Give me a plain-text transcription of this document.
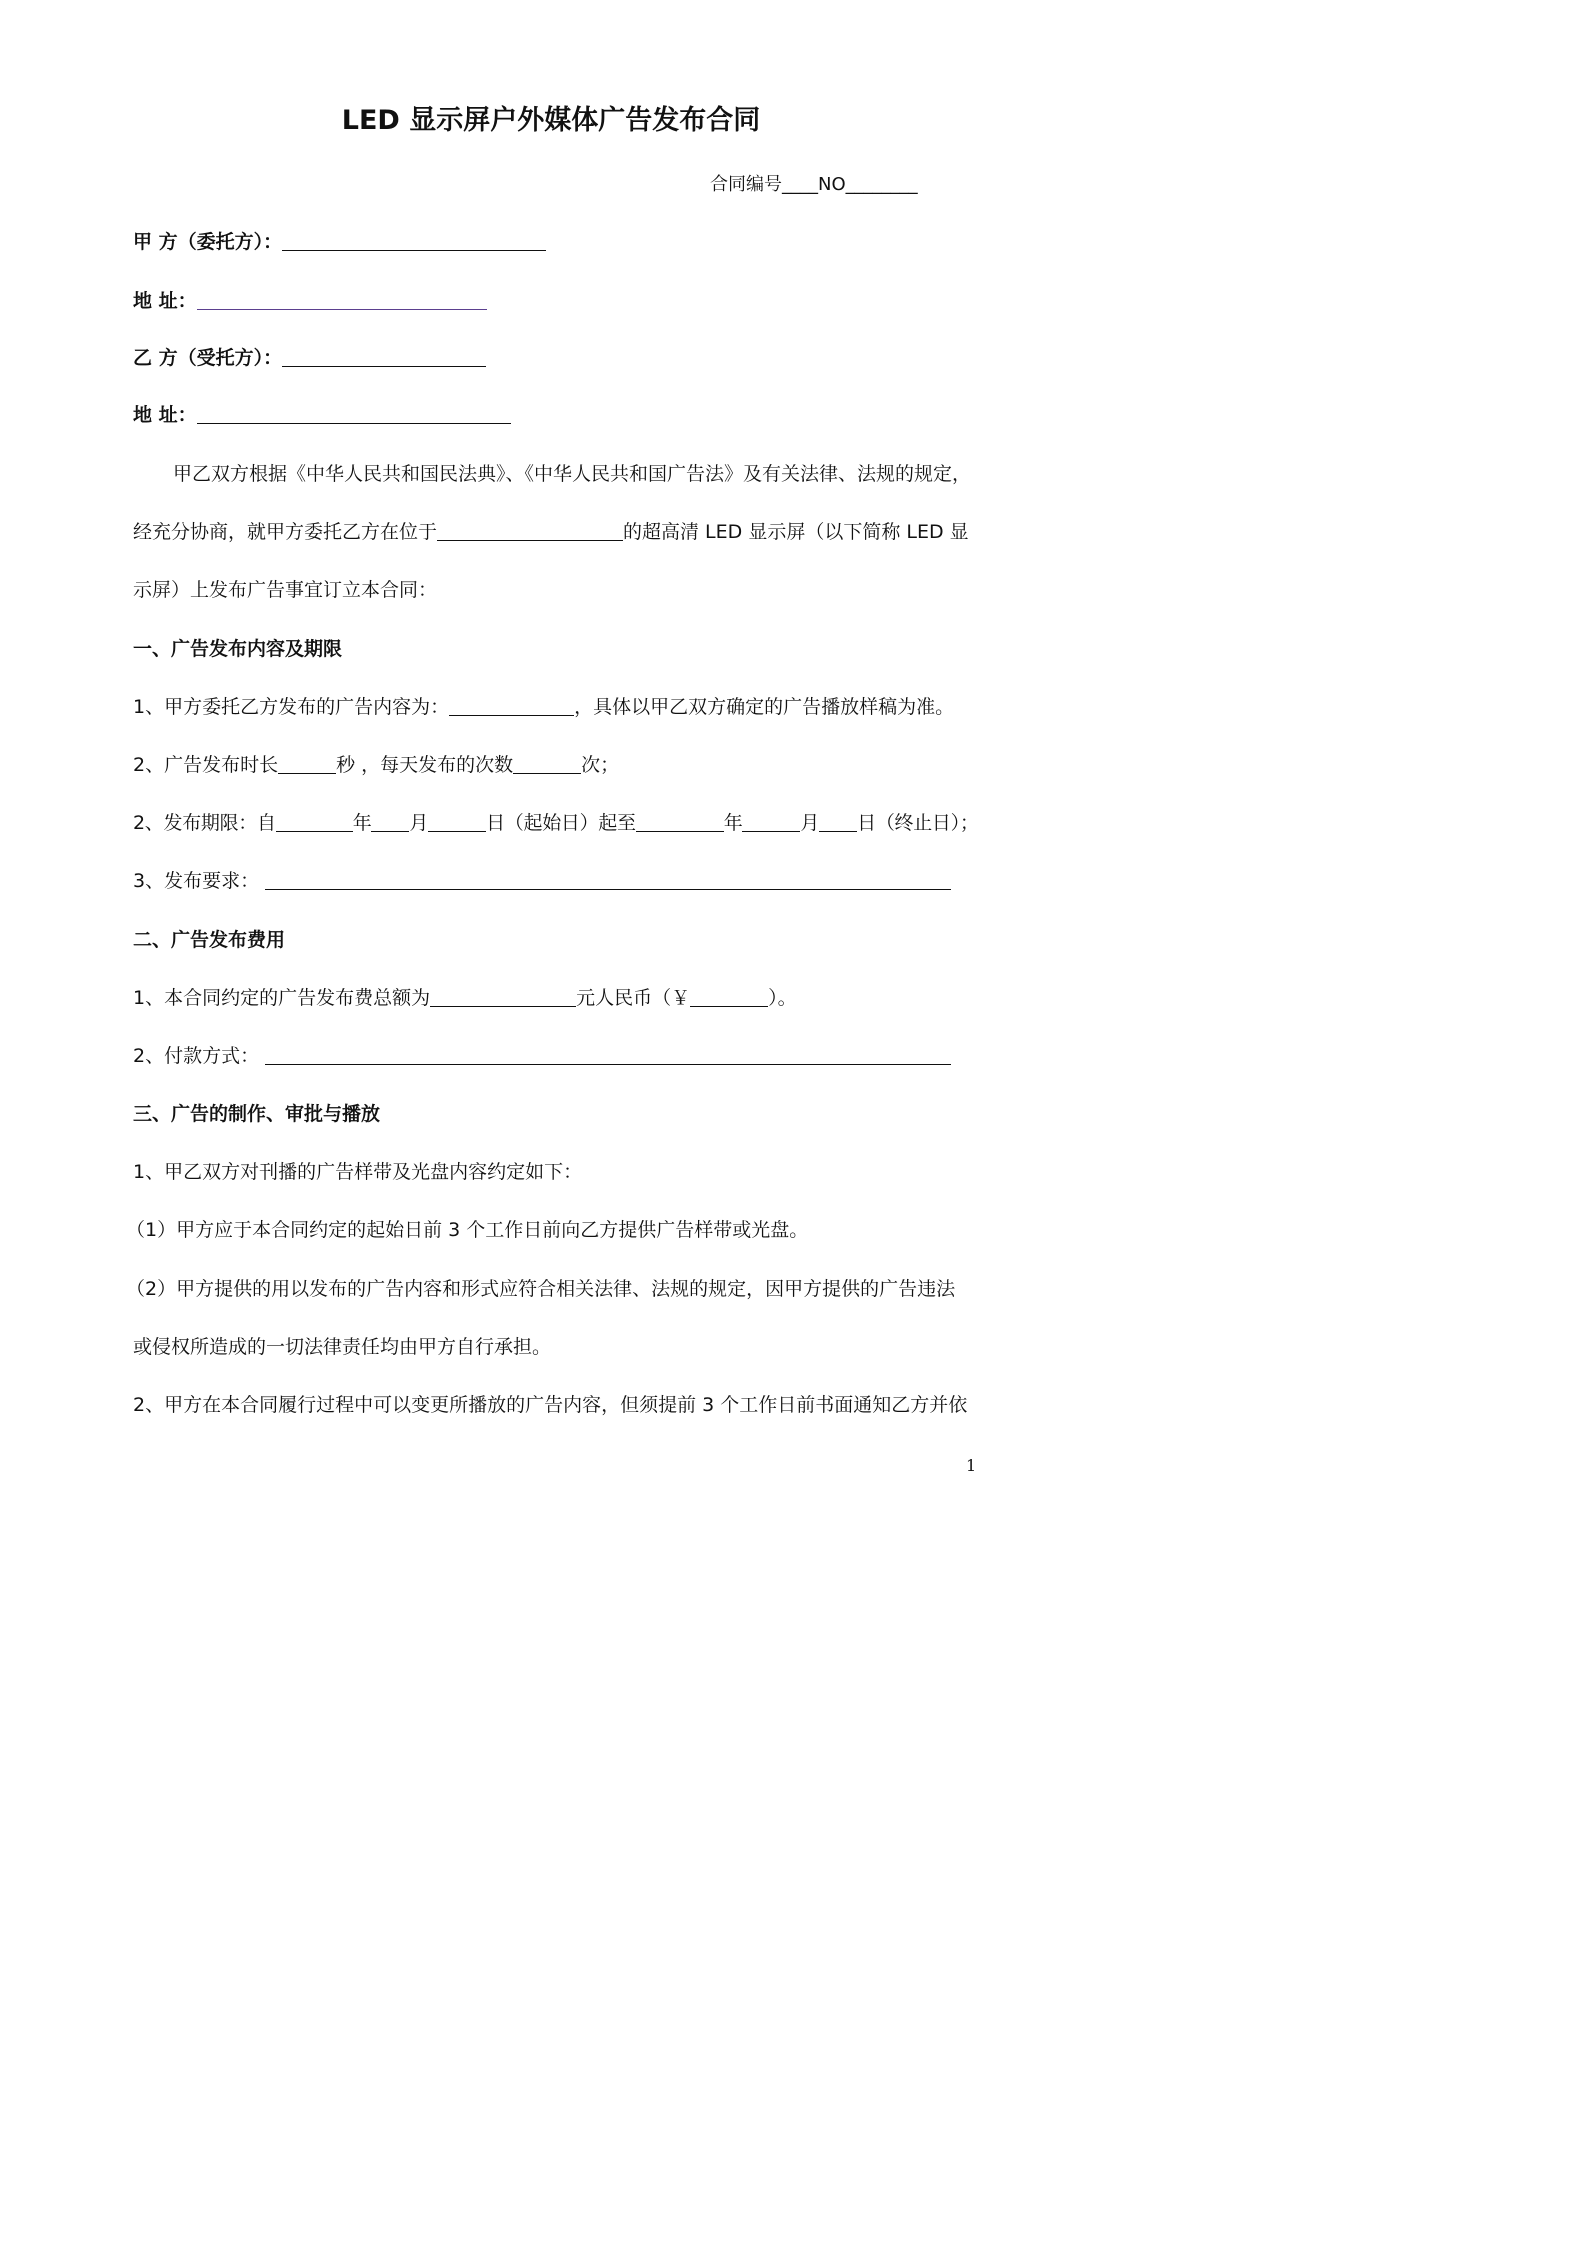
LED 显示屏户外媒体广告发布合同
合同编号____NO________
甲 方（委托方）：
地 址：
乙 方（受托方）：
地 址：
甲乙双方根据《中华人民共和国民法典》、《中华人民共和国广告法》及有关法律、法规的规定，
经充分协商，就甲方委托乙方在位于	的超高清 LED 显示屏（以下简称 LED 显
示屏）上发布广告事宜订立本合同：
一、广告发布内容及期限
1、甲方委托乙方发布的广告内容为：	，具体以甲乙双方确定的广告播放样稿为准。
2、广告发布时长	秒 ，每天发布的次数	次；
2、发布期限：自	年 月	日（起始日）起至	年	月 日（终止日）；
3、发布要求：
二、广告发布费用
1、本合同约定的广告发布费总额为	元人民币（￥	）。
2、付款方式：
三、广告的制作、审批与播放
1、甲乙双方对刊播的广告样带及光盘内容约定如下：
（1）甲方应于本合同约定的起始日前 3 个工作日前向乙方提供广告样带或光盘。
（2）甲方提供的用以发布的广告内容和形式应符合相关法律、法规的规定，因甲方提供的广告违法
或侵权所造成的一切法律责任均由甲方自行承担。
2、甲方在本合同履行过程中可以变更所播放的广告内容，但须提前 3 个工作日前书面通知乙方并依
1
